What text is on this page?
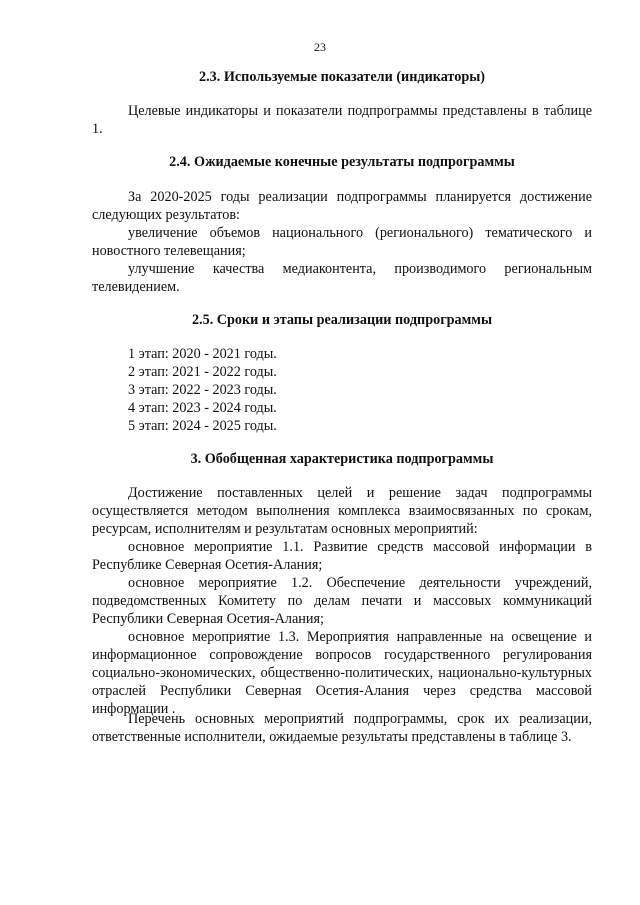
23
2.3. Используемые показатели (индикаторы)

Целевые индикаторы и показатели подпрограммы представлены в таблице 1.

2.4. Ожидаемые конечные результаты подпрограммы

За 2020-2025 годы реализации подпрограммы планируется достижение следующих результатов:

увеличение объемов национального (регионального) тематического и новостного телевещания;

улучшение качества медиаконтента, производимого региональным телевидением.

2.5. Сроки и этапы реализации подпрограммы
1 этап: 2020 - 2021 годы.
2 этап: 2021 - 2022 годы.
3 этап: 2022 - 2023 годы.
4 этап: 2023 - 2024 годы.
5 этап: 2024 - 2025 годы.
3. Обобщенная характеристика подпрограммы

Достижение поставленных целей и решение задач подпрограммы осуществляется методом выполнения комплекса взаимосвязанных по срокам, ресурсам, исполнителям и результатам основных мероприятий:

основное мероприятие 1.1. Развитие средств массовой информации в Республике Северная Осетия-Алания;

основное мероприятие 1.2. Обеспечение деятельности учреждений, подведомственных Комитету по делам печати и массовых коммуникаций Республики Северная Осетия-Алания;

основное мероприятие 1.3. Мероприятия направленные на освещение и информационное сопровождение вопросов государственного регулирования социально-экономических, общественно-политических, национально-культурных отраслей Республики Северная Осетия-Алания через средства массовой информации .

Перечень основных мероприятий подпрограммы, срок их реализации, ответственные исполнители, ожидаемые результаты представлены в таблице 3.
